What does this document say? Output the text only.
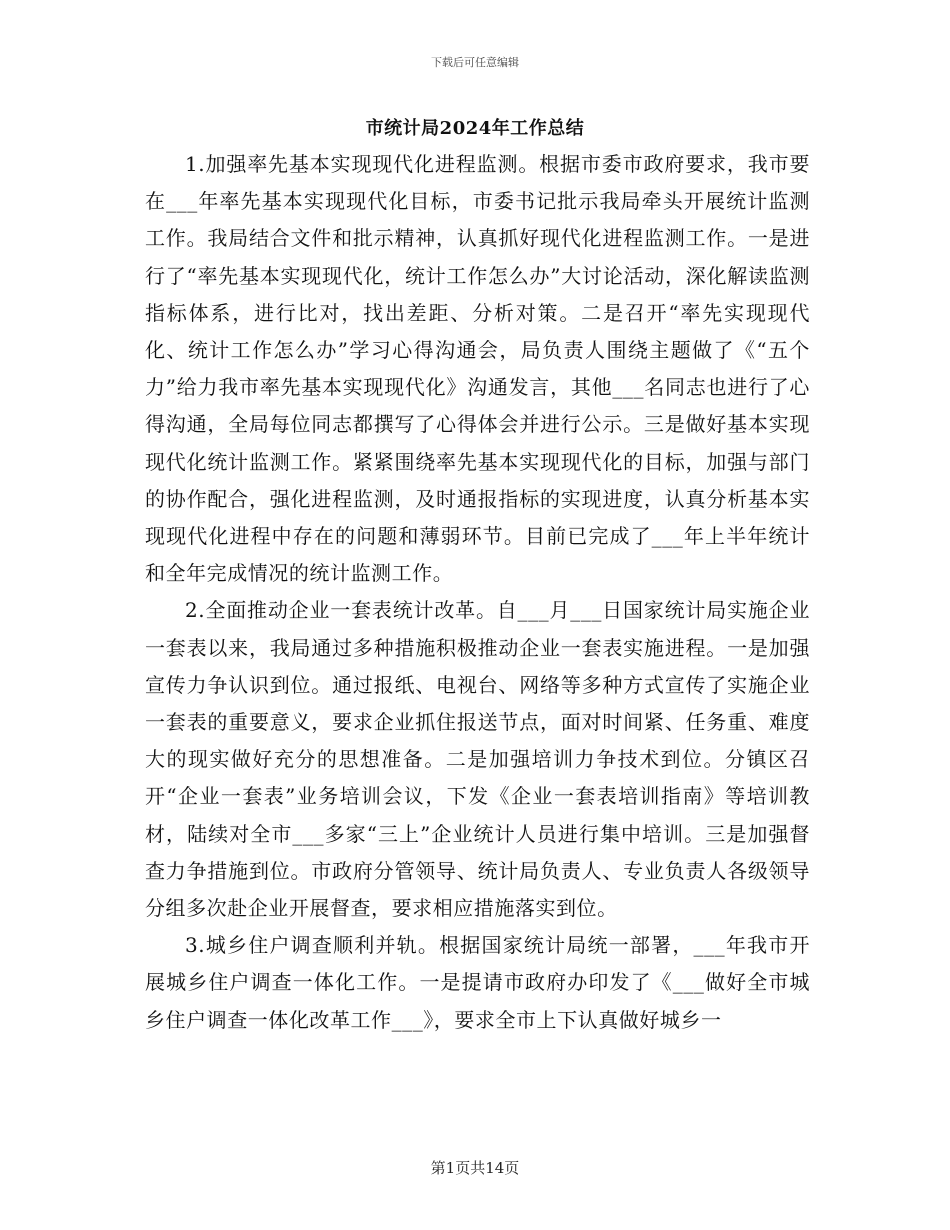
下载后可任意编辑
市统计局2024年工作总结

1.加强率先基本实现现代化进程监测。根据市委市政府要求，我市要在___年率先基本实现现代化目标，市委书记批示我局牵头开展统计监测工作。我局结合文件和批示精神，认真抓好现代化进程监测工作。一是进行了“率先基本实现现代化，统计工作怎么办”大讨论活动，深化解读监测指标体系，进行比对，找出差距、分析对策。二是召开“率先实现现代化、统计工作怎么办”学习心得沟通会，局负责人围绕主题做了《“五个力”给力我市率先基本实现现代化》沟通发言，其他___名同志也进行了心得沟通，全局每位同志都撰写了心得体会并进行公示。三是做好基本实现现代化统计监测工作。紧紧围绕率先基本实现现代化的目标，加强与部门的协作配合，强化进程监测，及时通报指标的实现进度，认真分析基本实现现代化进程中存在的问题和薄弱环节。目前已完成了___年上半年统计和全年完成情况的统计监测工作。

2.全面推动企业一套表统计改革。自___月___日国家统计局实施企业一套表以来，我局通过多种措施积极推动企业一套表实施进程。一是加强宣传力争认识到位。通过报纸、电视台、网络等多种方式宣传了实施企业一套表的重要意义，要求企业抓住报送节点，面对时间紧、任务重、难度大的现实做好充分的思想准备。二是加强培训力争技术到位。分镇区召开“企业一套表”业务培训会议，下发《企业一套表培训指南》等培训教材，陆续对全市___多家“三上”企业统计人员进行集中培训。三是加强督查力争措施到位。市政府分管领导、统计局负责人、专业负责人各级领导分组多次赴企业开展督查，要求相应措施落实到位。

3.城乡住户调查顺利并轨。根据国家统计局统一部署，___年我市开展城乡住户调查一体化工作。一是提请市政府办印发了《___做好全市城乡住户调查一体化改革工作___》，要求全市上下认真做好城乡一

第1页共14页
